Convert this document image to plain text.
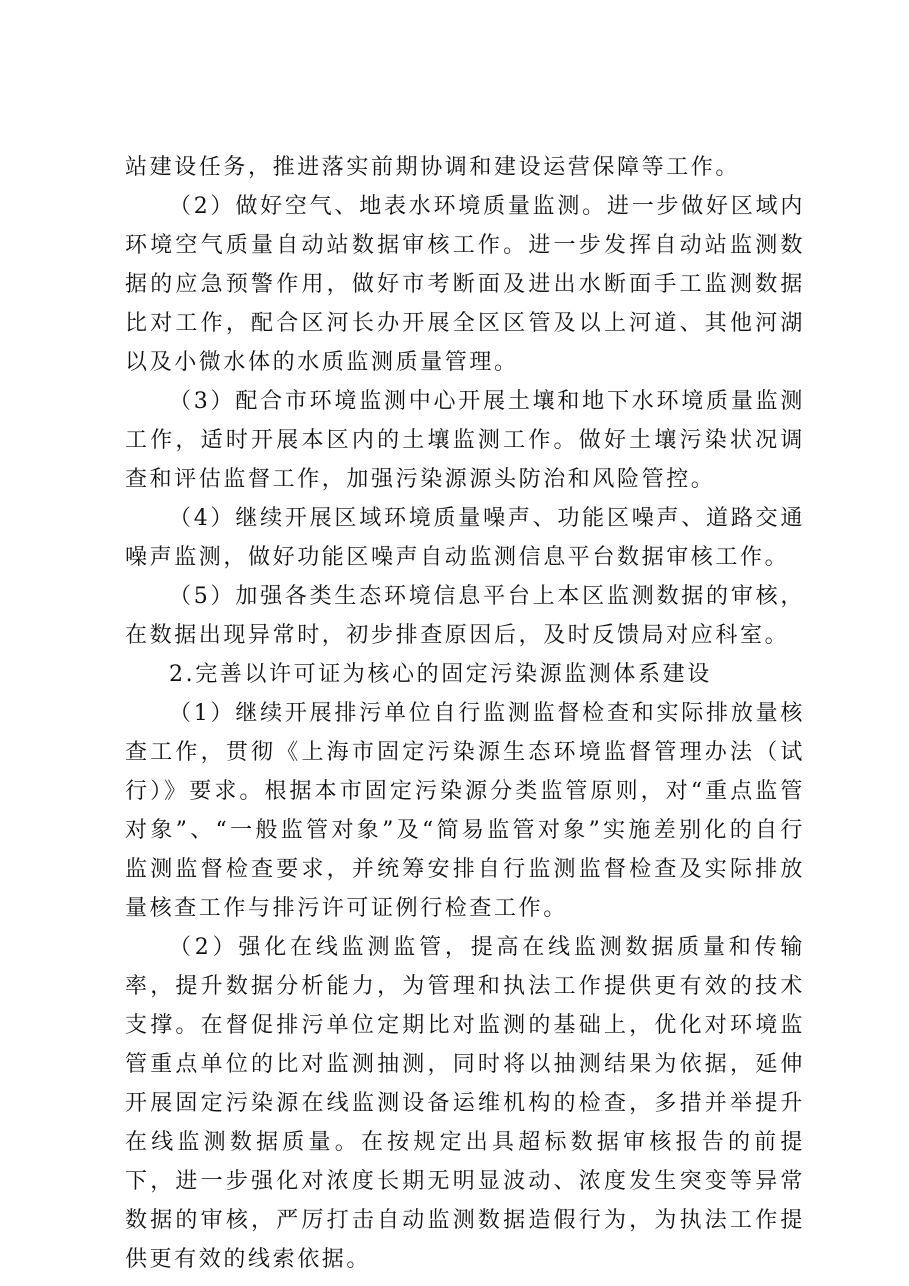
站建设任务，推进落实前期协调和建设运营保障等工作。

（2）做好空气、地表水环境质量监测。进一步做好区域内环境空气质量自动站数据审核工作。进一步发挥自动站监测数据的应急预警作用，做好市考断面及进出水断面手工监测数据比对工作，配合区河长办开展全区区管及以上河道、其他河湖以及小微水体的水质监测质量管理。

（3）配合市环境监测中心开展土壤和地下水环境质量监测工作，适时开展本区内的土壤监测工作。做好土壤污染状况调查和评估监督工作，加强污染源源头防治和风险管控。

（4）继续开展区域环境质量噪声、功能区噪声、道路交通噪声监测，做好功能区噪声自动监测信息平台数据审核工作。

（5）加强各类生态环境信息平台上本区监测数据的审核，在数据出现异常时，初步排查原因后，及时反馈局对应科室。

2.完善以许可证为核心的固定污染源监测体系建设

（1）继续开展排污单位自行监测监督检查和实际排放量核查工作，贯彻《上海市固定污染源生态环境监督管理办法（试行）》要求。根据本市固定污染源分类监管原则，对“重点监管对象”、“一般监管对象”及“简易监管对象”实施差别化的自行监测监督检查要求，并统筹安排自行监测监督检查及实际排放量核查工作与排污许可证例行检查工作。

（2）强化在线监测监管，提高在线监测数据质量和传输率，提升数据分析能力，为管理和执法工作提供更有效的技术支撑。在督促排污单位定期比对监测的基础上，优化对环境监管重点单位的比对监测抽测，同时将以抽测结果为依据，延伸开展固定污染源在线监测设备运维机构的检查，多措并举提升在线监测数据质量。在按规定出具超标数据审核报告的前提下，进一步强化对浓度长期无明显波动、浓度发生突变等异常数据的审核，严厉打击自动监测数据造假行为，为执法工作提供更有效的线索依据。
